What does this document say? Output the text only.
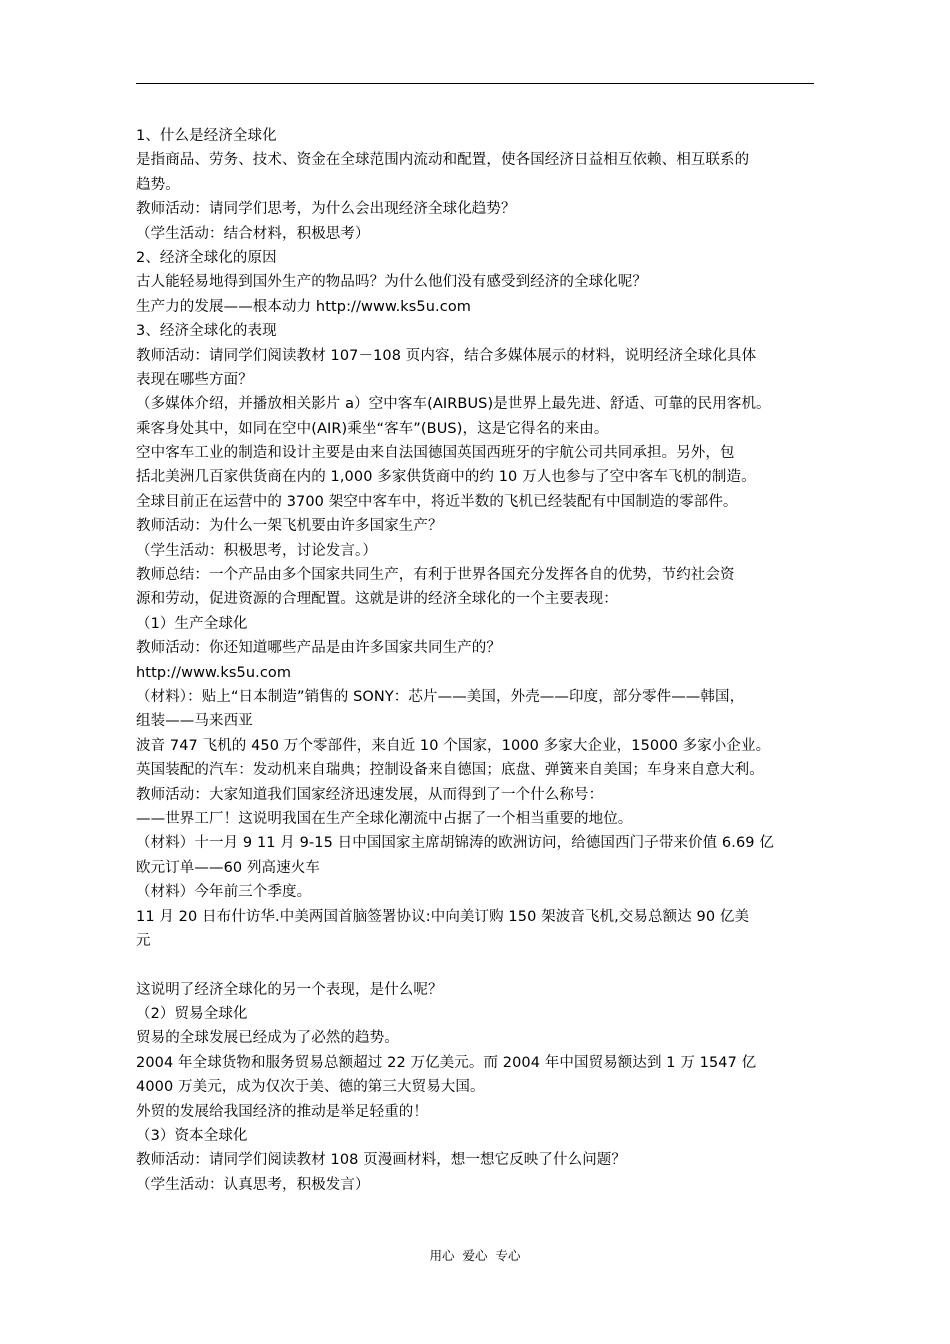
1、什么是经济全球化
是指商品、劳务、技术、资金在全球范围内流动和配置，使各国经济日益相互依赖、相互联系的
趋势。
教师活动：请同学们思考，为什么会出现经济全球化趋势？
（学生活动：结合材料，积极思考）
2、经济全球化的原因
古人能轻易地得到国外生产的物品吗？为什么他们没有感受到经济的全球化呢？
生产力的发展——根本动力 http://www.ks5u.com
3、经济全球化的表现
教师活动：请同学们阅读教材 107－108 页内容，结合多媒体展示的材料，说明经济全球化具体
表现在哪些方面？
（多媒体介绍，并播放相关影片 a）空中客车(AIRBUS)是世界上最先进、舒适、可靠的民用客机。
乘客身处其中，如同在空中(AIR)乘坐“客车”(BUS)，这是它得名的来由。
空中客车工业的制造和设计主要是由来自法国德国英国西班牙的宇航公司共同承担。另外，包
括北美洲几百家供货商在内的 1,000 多家供货商中的约 10 万人也参与了空中客车飞机的制造。
全球目前正在运营中的 3700 架空中客车中，将近半数的飞机已经装配有中国制造的零部件。
教师活动：为什么一架飞机要由许多国家生产？
（学生活动：积极思考，讨论发言。）
教师总结：一个产品由多个国家共同生产，有利于世界各国充分发挥各自的优势，节约社会资
源和劳动，促进资源的合理配置。这就是讲的经济全球化的一个主要表现：
（1）生产全球化
教师活动：你还知道哪些产品是由许多国家共同生产的？
http://www.ks5u.com
（材料）：贴上“日本制造”销售的 SONY：芯片——美国，外壳——印度，部分零件——韩国，
组装——马来西亚
波音 747 飞机的 450 万个零部件，来自近 10 个国家，1000 多家大企业，15000 多家小企业。
英国装配的汽车：发动机来自瑞典；控制设备来自德国；底盘、弹簧来自美国；车身来自意大利。
教师活动：大家知道我们国家经济迅速发展，从而得到了一个什么称号：
——世界工厂！这说明我国在生产全球化潮流中占据了一个相当重要的地位。
（材料）十一月 9 11 月 9-15 日中国国家主席胡锦涛的欧洲访问，给德国西门子带来价值 6.69 亿
欧元订单——60 列高速火车
（材料）今年前三个季度。
11 月 20 日布什访华.中美两国首脑签署协议:中向美订购 150 架波音飞机,交易总额达 90 亿美
元
这说明了经济全球化的另一个表现，是什么呢？
（2）贸易全球化
贸易的全球发展已经成为了必然的趋势。
2004 年全球货物和服务贸易总额超过 22 万亿美元。而 2004 年中国贸易额达到 1 万 1547 亿
4000 万美元，成为仅次于美、德的第三大贸易大国。
外贸的发展给我国经济的推动是举足轻重的！
（3）资本全球化
教师活动：请同学们阅读教材 108 页漫画材料，想一想它反映了什么问题？
（学生活动：认真思考，积极发言）
用心 爱心 专心
